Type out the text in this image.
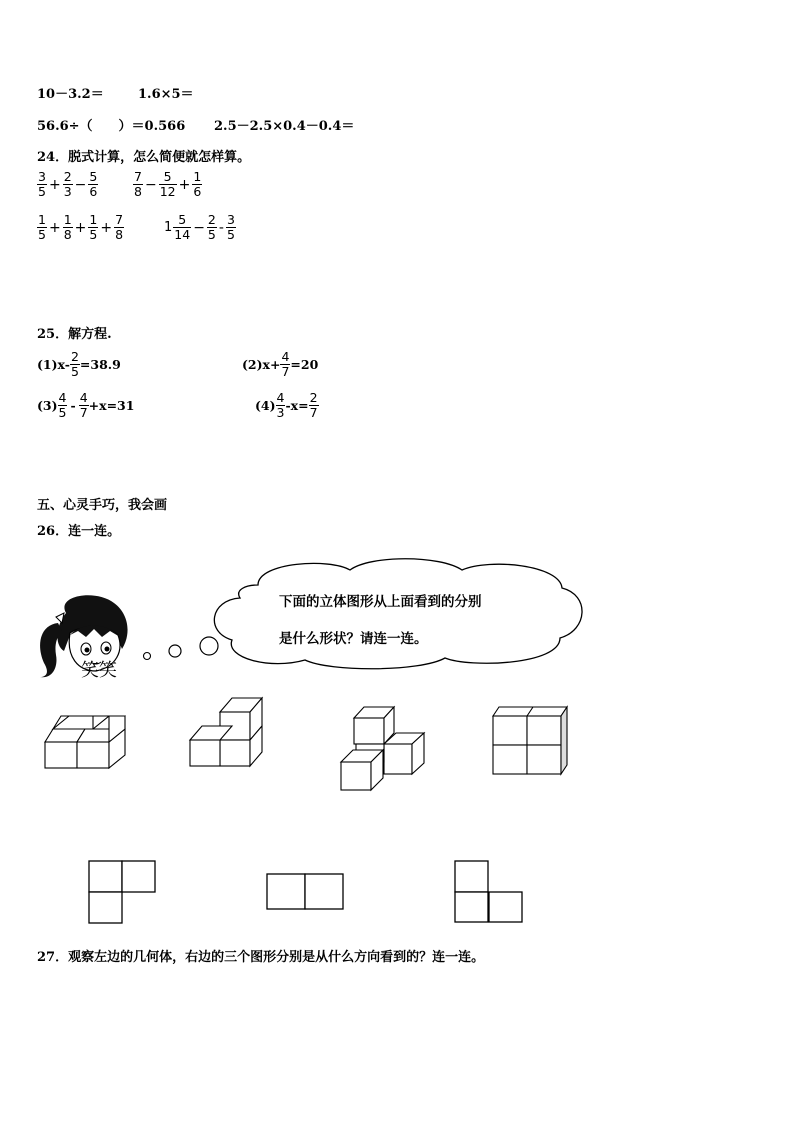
10－3.2＝	1.6×5＝
56.6÷（　　）＝0.566 2.5－2.5×0.4－0.4＝
24．脱式计算，怎么简便就怎样算。
$\frac{3}{5} + \frac{2}{3} - \frac{5}{6}$	$\frac{7}{8} - \frac{5}{12} + \frac{1}{6}$
$\frac{1}{5} + \frac{1}{8} + \frac{1}{5} + \frac{7}{8}$	$1 \frac{5}{14} - \frac{2}{5} - \frac{3}{5}$
25．解方程.
$(1)x- \frac{2}{5} =38.9$	$(2)x+ \frac{4}{7} =20$
$(3) \frac{4}{5} - \frac{4}{7} +x=31$	$(4) \frac{4}{3} -x= \frac{2}{7}$
五、心灵手巧，我会画
26．连一连。
下面的立体图形从上面看到的分别
是什么形状？请连一连。
笑笑
27．观察左边的几何体，右边的三个图形分别是从什么方向看到的？连一连。
